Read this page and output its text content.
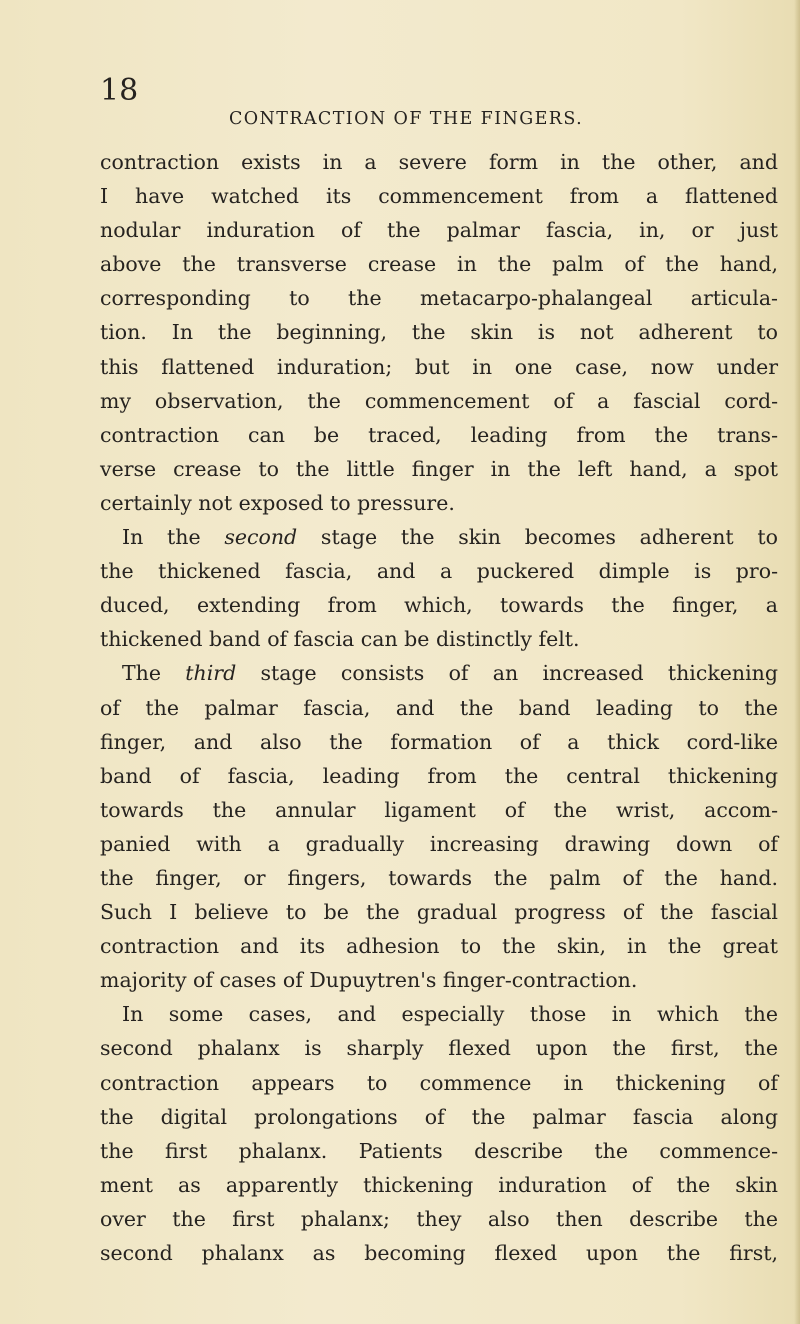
18
CONTRACTION OF THE FINGERS.
contraction exists in a severe form in the other, and
I have watched its commencement from a flattened
nodular induration of the palmar fascia, in, or just
above the transverse crease in the palm of the hand,
corresponding to the metacarpo-phalangeal articula-
tion. In the beginning, the skin is not adherent to
this flattened induration; but in one case, now under
my observation, the commencement of a fascial cord-
contraction can be traced, leading from the trans-
verse crease to the little finger in the left hand, a spot
certainly not exposed to pressure.
In the second stage the skin becomes adherent to
the thickened fascia, and a puckered dimple is pro-
duced, extending from which, towards the finger, a
thickened band of fascia can be distinctly felt.
The third stage consists of an increased thickening
of the palmar fascia, and the band leading to the
finger, and also the formation of a thick cord-like
band of fascia, leading from the central thickening
towards the annular ligament of the wrist, accom-
panied with a gradually increasing drawing down of
the finger, or fingers, towards the palm of the hand.
Such I believe to be the gradual progress of the fascial
contraction and its adhesion to the skin, in the great
majority of cases of Dupuytren's finger-contraction.
In some cases, and especially those in which the
second phalanx is sharply flexed upon the first, the
contraction appears to commence in thickening of
the digital prolongations of the palmar fascia along
the first phalanx. Patients describe the commence-
ment as apparently thickening induration of the skin
over the first phalanx; they also then describe the
second phalanx as becoming flexed upon the first,
